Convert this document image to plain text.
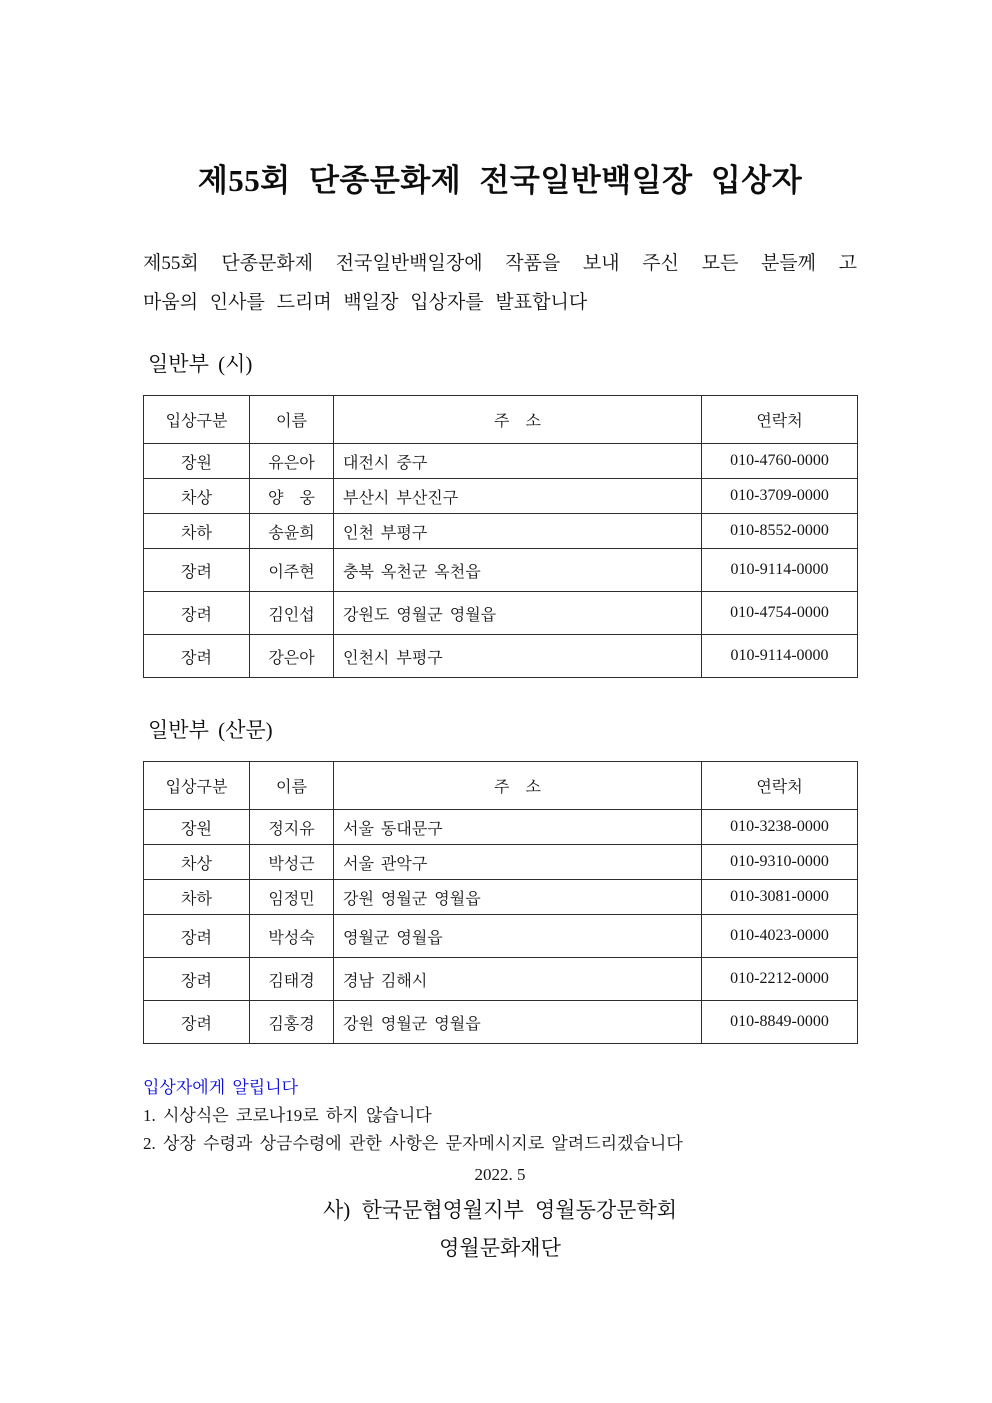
제55회 단종문화제 전국일반백일장 입상자
제55회 단종문화제 전국일반백일장에 작품을 보내 주신 모든 분들께 고
마움의 인사를 드리며 백일장 입상자를 발표합니다
일반부 (시)
입상구분	이름	주　소	연락처
장원	유은아	대전시 중구	010-4760-0000
차상	양　웅	부산시 부산진구	010-3709-0000
차하	송윤희	인천 부평구	010-8552-0000
장려	이주현	충북 옥천군 옥천읍	010-9114-0000
장려	김인섭	강원도 영월군 영월읍	010-4754-0000
장려	강은아	인천시 부평구	010-9114-0000
일반부 (산문)
입상구분	이름	주　소	연락처
장원	정지유	서울 동대문구	010-3238-0000
차상	박성근	서울 관악구	010-9310-0000
차하	임정민	강원 영월군 영월읍	010-3081-0000
장려	박성숙	영월군 영월읍	010-4023-0000
장려	김태경	경남 김해시	010-2212-0000
장려	김홍경	강원 영월군 영월읍	010-8849-0000
입상자에게 알립니다
1. 시상식은 코로나19로 하지 않습니다
2. 상장 수령과 상금수령에 관한 사항은 문자메시지로 알려드리겠습니다
2022. 5
사) 한국문협영월지부 영월동강문학회
영월문화재단
